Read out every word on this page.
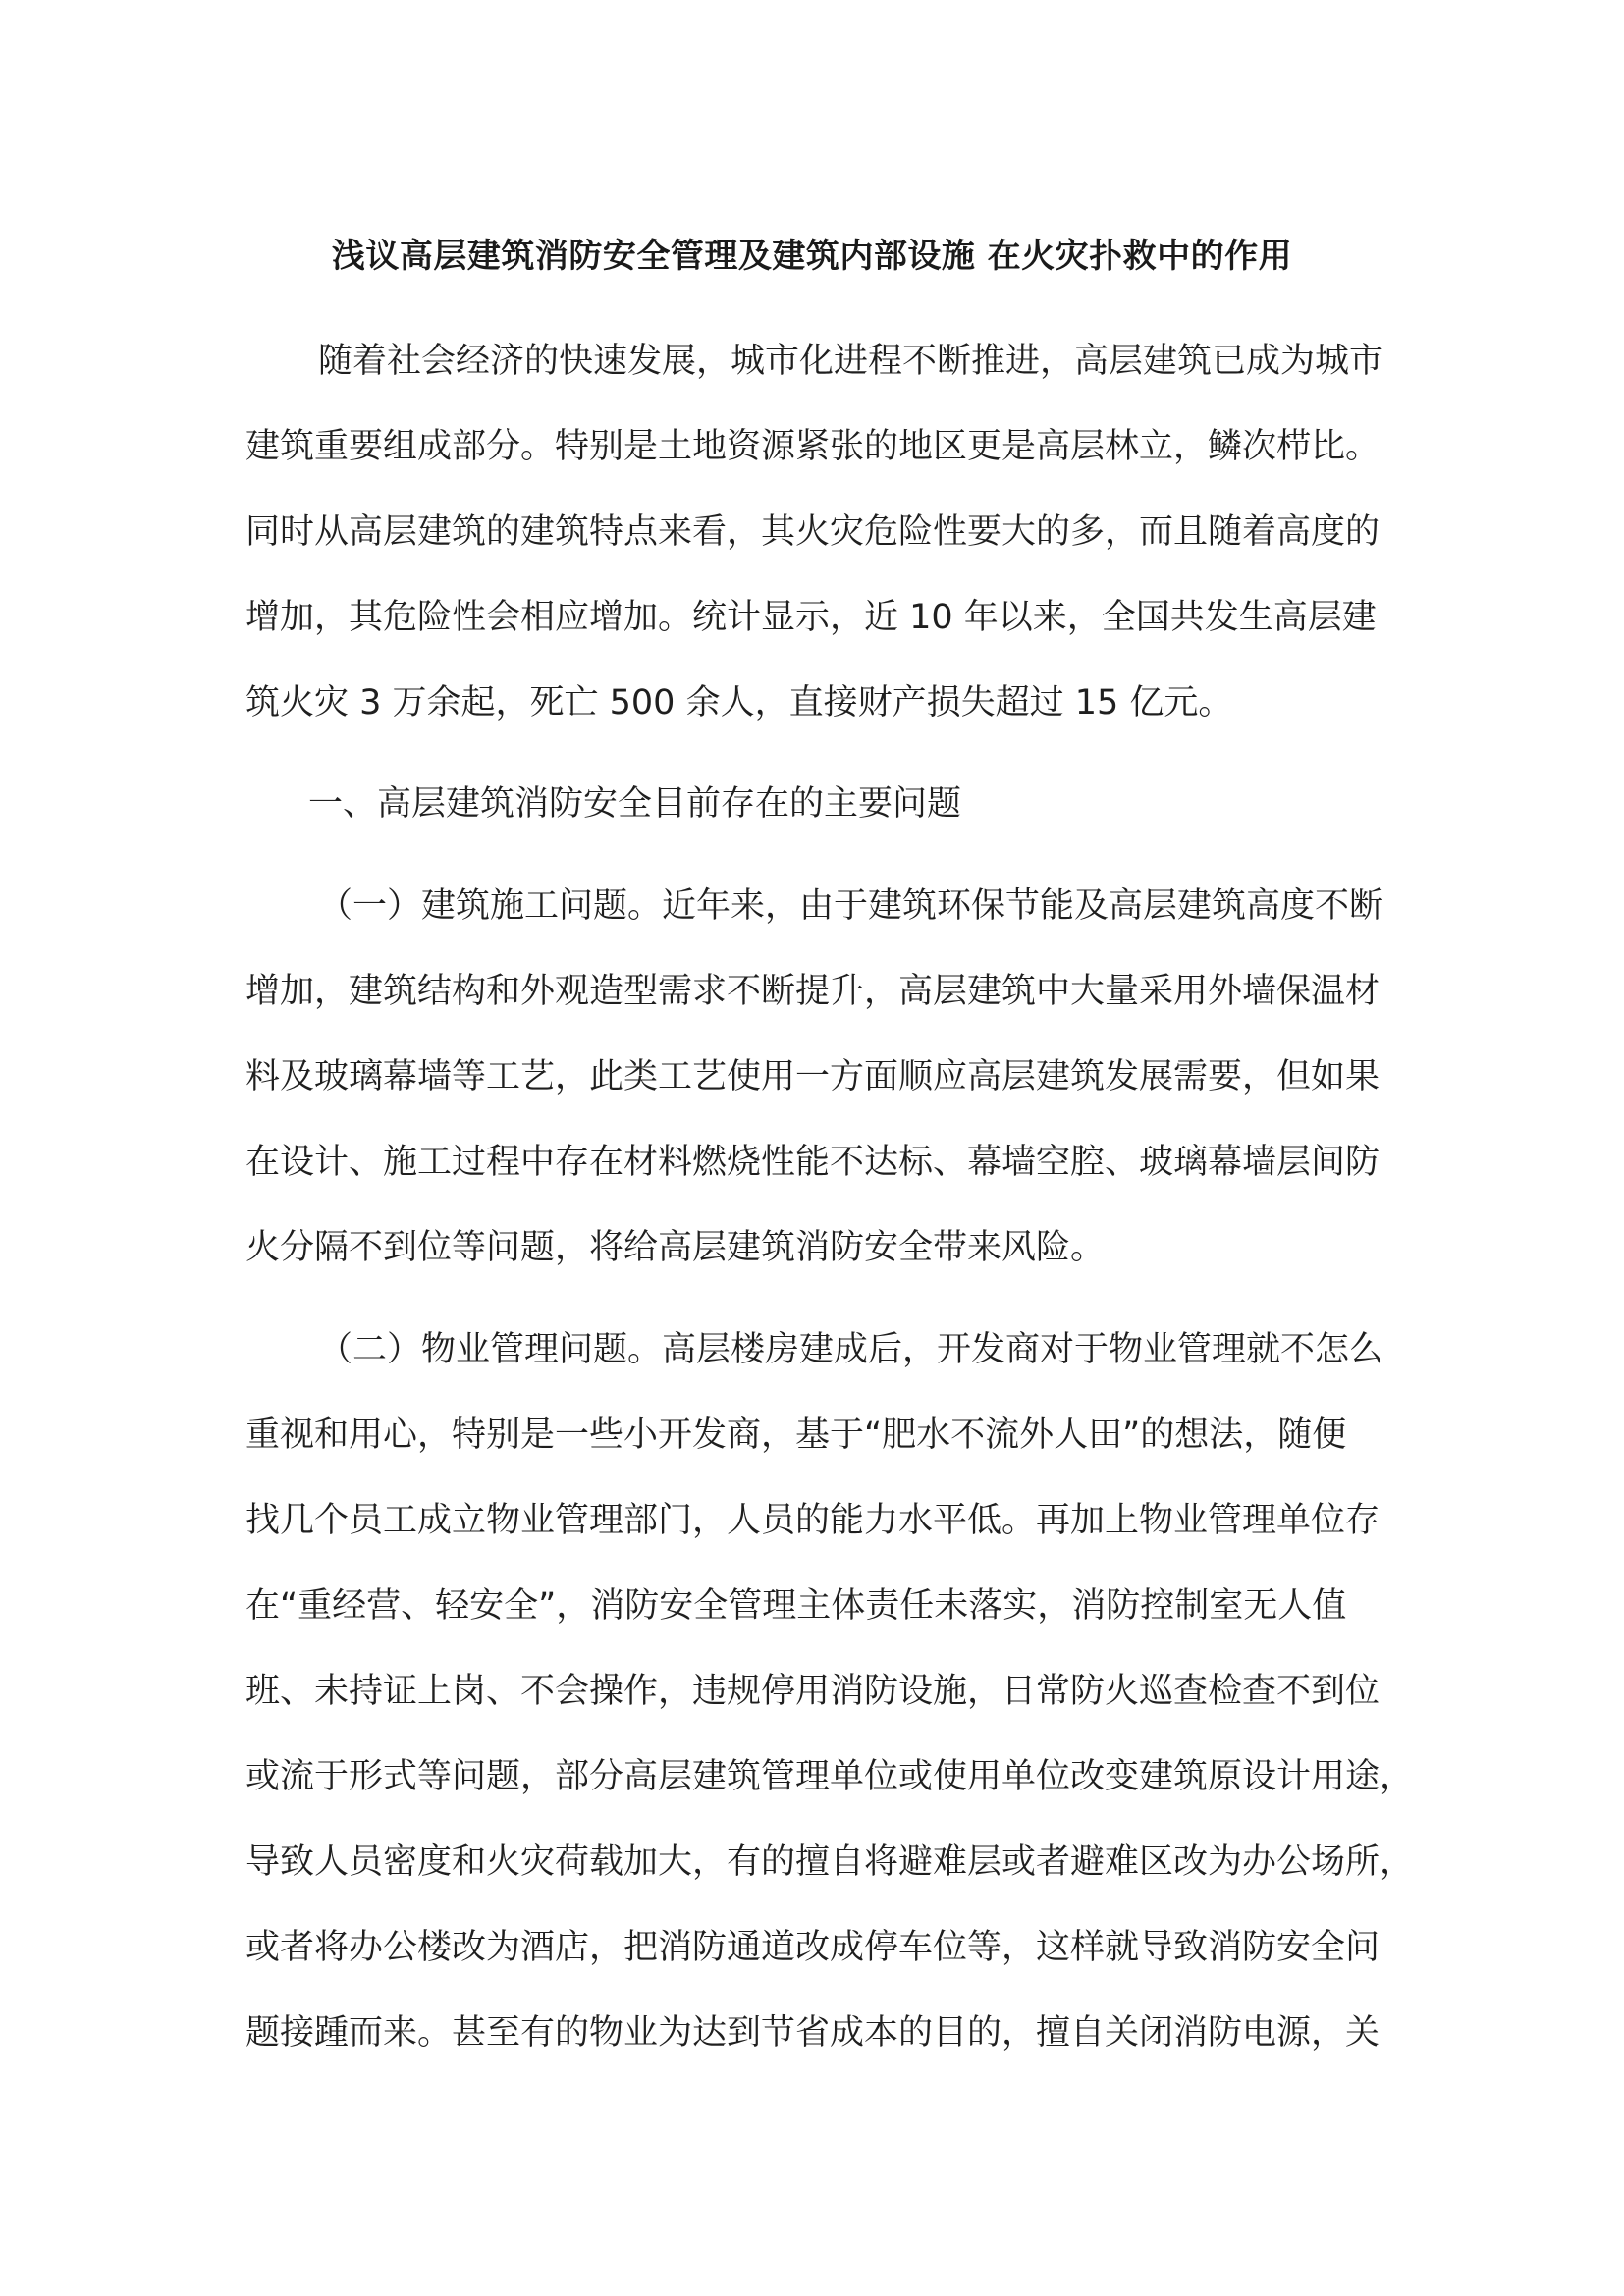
浅议高层建筑消防安全管理及建筑内部设施 在火灾扑救中的作用
随着社会经济的快速发展，城市化进程不断推进，高层建筑已成为城市
建筑重要组成部分。特别是土地资源紧张的地区更是高层林立，鳞次栉比。
同时从高层建筑的建筑特点来看，其火灾危险性要大的多，而且随着高度的
增加，其危险性会相应增加。统计显示，近 10 年以来，全国共发生高层建
筑火灾 3 万余起，死亡 500 余人，直接财产损失超过 15 亿元。
一、高层建筑消防安全目前存在的主要问题
（一）建筑施工问题。近年来，由于建筑环保节能及高层建筑高度不断
增加，建筑结构和外观造型需求不断提升，高层建筑中大量采用外墙保温材
料及玻璃幕墙等工艺，此类工艺使用一方面顺应高层建筑发展需要，但如果
在设计、施工过程中存在材料燃烧性能不达标、幕墙空腔、玻璃幕墙层间防
火分隔不到位等问题，将给高层建筑消防安全带来风险。
（二）物业管理问题。高层楼房建成后，开发商对于物业管理就不怎么
重视和用心，特别是一些小开发商，基于“肥水不流外人田”的想法，随便
找几个员工成立物业管理部门，人员的能力水平低。再加上物业管理单位存
在“重经营、轻安全”，消防安全管理主体责任未落实，消防控制室无人值
班、未持证上岗、不会操作，违规停用消防设施，日常防火巡查检查不到位
或流于形式等问题，部分高层建筑管理单位或使用单位改变建筑原设计用途，
导致人员密度和火灾荷载加大，有的擅自将避难层或者避难区改为办公场所，
或者将办公楼改为酒店，把消防通道改成停车位等，这样就导致消防安全问
题接踵而来。甚至有的物业为达到节省成本的目的，擅自关闭消防电源，关
